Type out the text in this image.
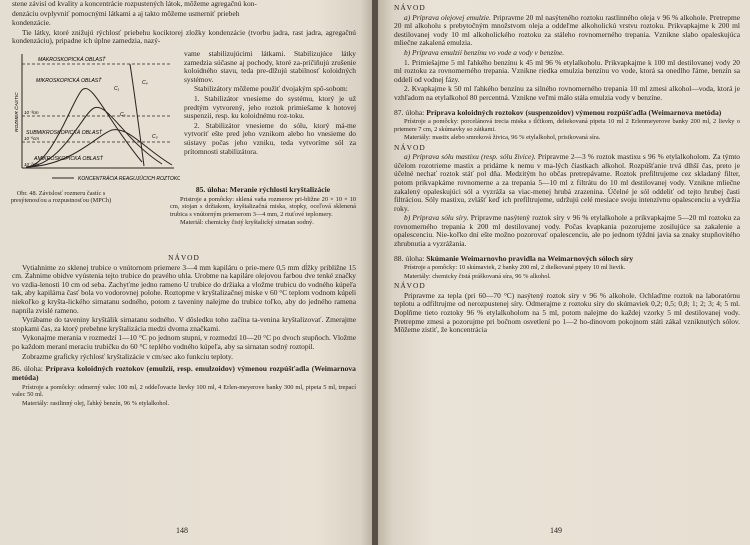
stene závisí od kvality a koncentrácie rozpustených látok, môžeme agregačnú kon-

denzáciu ovplyvniť pomocnými látkami a aj takto môžeme usmerniť priebeh

kondenzácie.

Tie látky, ktoré znižujú rýchlosť priebehu kociktorej zložky kondenzácie (tvorbu jadra, rast jadra, agregačnú kondenzáciu), pripadne ich úplne zamedzia, nazý-

MAKROSKOPICKÁ OBLASŤ
MIKROSKOPICKÁ OBLASŤ
SUBMIKROSKOPICKÁ OBLASŤ
AMIKROSKOPICKÁ OBLASŤ
ROZMER ČASTIC
C₁
C₄
C₂
C₃
10⁻³cm
10⁻⁵cm
10⁻⁷cm
KONCENTRÁCIA REAGUJÚCICH ROZTOKOV
Obr. 48. Závislosť rozmeru častíc s presýtenosťou a rozpustnosťou (MPCh)

vame stabilizujúcimi látkami. Stabilizujúce látky zamedzia súčasne aj pochody, ktoré za-príčiňujú zrušenie koloidného stavu, teda pre-dlžujú stabilnosť koloidných systémov.

Stabilizátory môžeme použiť dvojakým spô-sobom:

1. Stabilizátor vnesieme do systému, ktorý je už predtým vytvorený, jeho roztok primiešame k hotovej suspenzii, resp. ku koloidnému roz-toku.

2. Stabilizátor vnesieme do sólu, ktorý má-me vytvoriť ešte pred jeho vznikom alebo ho vnesieme do sústavy počas jeho vzniku, teda vytvoríme sól za prítomnosti stabilizátora.

85. úloha: Meranie rýchlosti kryštalizácie

Pristroje a pomôcky: sklená vaňa rozmerov pri-bližne 20 × 10 × 10 cm, stojan s držiakom, kryštalizačná miska, stopky, oceľová sklenená trubica s vnútorným priemerom 3—4 mm, 2 rtuťové teplomery.

Materiál: chemicky čistý kryštalický sirnatan sodný.

NÁVOD

Vytiahnime zo sklenej trubice o vnútornom priemere 3—4 mm kapiláru o prie-mere 0,5 mm dĺžky približne 15 cm. Zahnime obidve vyústenia tejto trubice do pravého uhla. Urobme na kapiláre olejovou farbou dve tenké značky vo vzdia-lenosti 10 cm od seba. Zachyťme jedno rameno U trubice do držiaka a vložme trubicu do vodného kúpeľa tak, aby kapilárna časť bola vo vodorovnej polohe. Roztopme v kryštalizačnej miske v 60 °C teplom vodnom kúpeli niekoľko g kryšta-lického sirnatanu sodného, potom z taveniny nalejme do trubice toľko, aby do jedného ramena napnila zvislé rameno.

Vyrábame do taveniny kryštálik sirnatanu sodného. V dôsledku toho začína ta-venina kryštalizovať. Zmerajme stopkami čas, za ktorý prebehne kryštalizácia medzi dvoma značkami.

Vykonajme merania v rozmedzí 1—10 °C po jednom stupni, v rozmedzí 10—20 °C po dvoch stupňoch. Vložme po každom meraní meraciu trubičku do 60 °C teplého vodného kúpeľa, aby sa sirnatan sodný roztopil.

Zobrazme graficky rýchlosť kryštalizácie v cm/sec ako funkciu teploty.

86. úloha: Príprava koloidných roztokov (emulzií, resp. emulzoidov) výmenou rozpúšťadla (Weimarnova metóda)

Prístroje a pomôcky: odmerný valec 100 ml, 2 oddeľovacie lievky 100 ml, 4 Erlen-meyerove banky 300 ml, pipeta 5 ml, trepací valec 50 ml.

Materiály: rastlinný olej, ľahký benzín, 96 % etylalkohol.

148

NÁVOD

a) Príprava olejovej emulzie. Pripravme 20 ml nasýteného roztoku rastlinného oleja v 96 % alkohole. Pretrepme 20 ml alkoholu s prebytočným množstvom oleja a oddeľme alkoholickú vrstvu roztoku. Prikvapkajme k 200 ml destilovanej vody 10 ml alkoholického roztoku za stáleho rovnomerného trepania. Vznikne slabo opaleskujúca mliečne zakalená emulzia.

b) Príprava emulzií benzínu vo vode a vody v benzíne.

1. Primiešajme 5 ml ľahkého benzínu k 45 ml 96 % etylalkoholu. Prikvapkajme k 100 ml destilovanej vody 20 ml roztoku za rovnomerného trepania. Vznikne riedka emulzia benzínu vo vode, ktorá sa onedlho ľáme, benzín sa oddelí od vodnej fázy.

2. Kvapkajme k 50 ml ľahkého benzínu za silného rovnomerného trepania 10 ml zmesi alkohol—voda, ktorá je vzhľadom na etylalkohol 80 percentná. Vznikne veľmi málo stála emulzia vody v benzíne.

87. úloha: Príprava koloidných roztokov (suspenzoidov) výmenou rozpúšťadla (Weimarnova metóda)

Prístroje a pomôcky: porcelánová trecia miska s tĺčikom, deliekovaná pipeta 10 ml 2 Erlenmeyerove banky 200 ml, 2 lievky o priemere 7 cm, 2 skúmavky so zátkami.

Materiály: mastix alebo smreková živica, 96 % etylalkohol, prisikovaná síra.

NÁVOD

a) Príprava sólu mastixu (resp. sólu živice). Pripravme 2—3 % roztok mastixu s 96 % etylalkoholom. Za týmto účelom rozotrieme mastix a pridáme k nemu v ma-lých čiastkach alkohol. Rozpúšťanie trvá dlhší čas, preto je účelné nechať roztok stáť pol dňa. Medzitým ho občas pretrepávame. Roztok prefiltrujeme cez skladaný filter, potom prikvapkáme rovnomerne a za trepania 5—10 ml z filtrátu do 10 ml destilovanej vody. Vznikne mliečne zakalený opaleskujúci sól a vyzráža sa viac-menej hrubá zrazenina. Účelné je sól oddeliť od tejto hrubej časti filtráciou. Sóly mastixu, zvlášť keď ich prefiltrujeme, udržujú celé mesiace svoju intenzívnu opalescenciu a vydržia roky.

b) Príprava sólu síry. Pripravme nasýtený roztok síry v 96 % etylalkohole a prikvapkajme 5—20 ml roztoku za rovnomerného trepania k 200 ml destilovanej vody. Počas kvapkania pozorujeme zosilujúce sa zakalenie a opalescenciu. Nie-koľko dní ešte možno pozorovať opalescenciu, ale po jednom týždni javia sa znaky stupňovitého zhrubnutia a vyzrážania.

88. úloha: Skúmanie Weimarnovho pravidla na Weimarnových sóloch síry

Prístroje a pomôcky: 10 skúmaviek, 2 banky 200 ml, 2 dielkované pipety 10 ml lievik.

Materiály: chemicky čistá práškovaná síra, 96 % alkohol.

NÁVOD

Pripravme za tepla (pri 60—70 °C) nasýtený roztok síry v 96 % alkohole. Ochlaďme roztok na laboratórnu teplotu a odfiltrujme od nerozpustenej síry. Odmerajme z roztoku síry do skúmaviek 0,2; 0,5; 0,8; 1; 2; 3; 4; 5 ml. Doplňme tieto roztoky 96 % etylalkoholom na 5 ml, potom nalejme do každej vzorky 5 ml destilovanej vody. Pretrepme zmesi a pozorujme pri bočnom osvetlení po 1—2 ho-dinovom pokojnom státi zákal vzniknutých sólov. Môžeme zistiť, že koncentrácia

149
